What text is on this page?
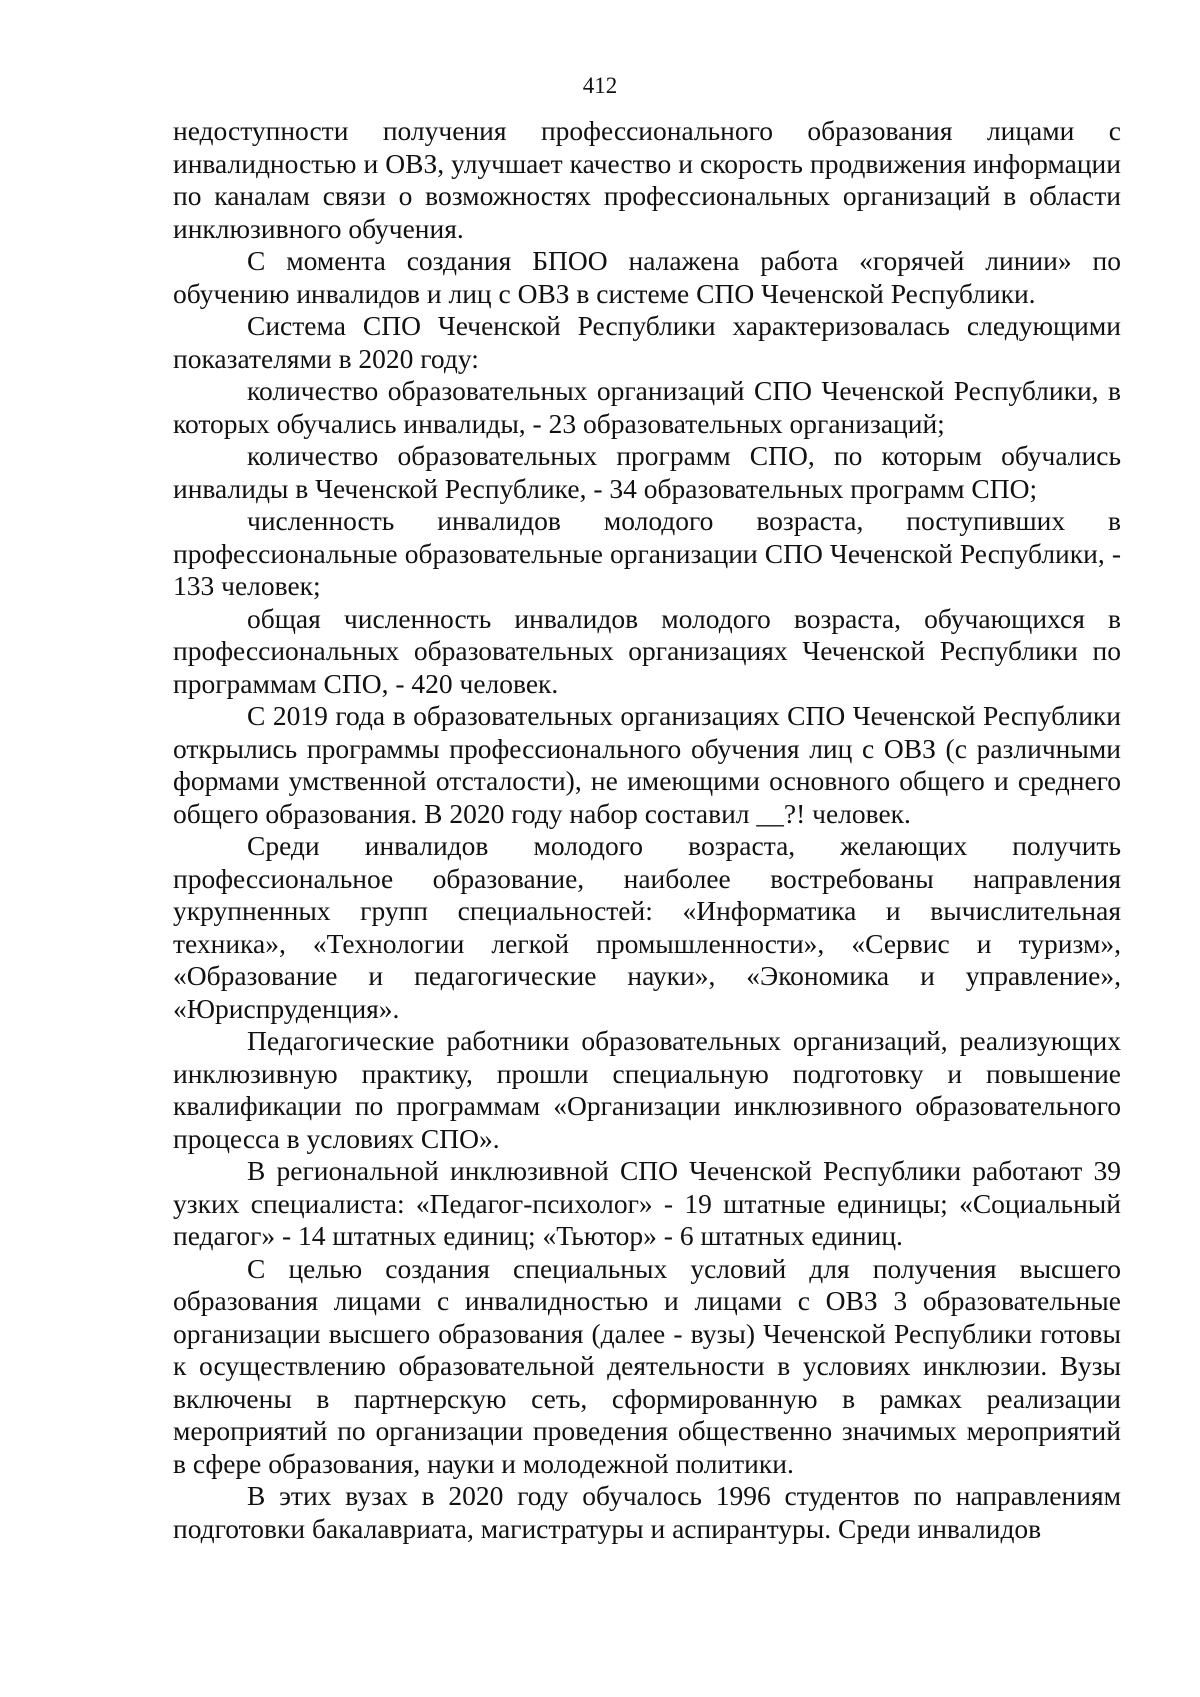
412

недоступности получения профессионального образования лицами с инвалидностью и ОВЗ, улучшает качество и скорость продвижения информации по каналам связи о возможностях профессиональных организаций в области инклюзивного обучения.

С момента создания БПОО налажена работа «горячей линии» по обучению инвалидов и лиц с ОВЗ в системе СПО Чеченской Республики.

Система СПО Чеченской Республики характеризовалась следующими показателями в 2020 году:

количество образовательных организаций СПО Чеченской Республики, в которых обучались инвалиды, - 23 образовательных организаций;

количество образовательных программ СПО, по которым обучались инвалиды в Чеченской Республике, - 34 образовательных программ СПО;

численность инвалидов молодого возраста, поступивших в профессиональные образовательные организации СПО Чеченской Республики, - 133 человек;

общая численность инвалидов молодого возраста, обучающихся в профессиональных образовательных организациях Чеченской Республики по программам СПО, - 420 человек.

С 2019 года в образовательных организациях СПО Чеченской Республики открылись программы профессионального обучения лиц с ОВЗ (с различными формами умственной отсталости), не имеющими основного общего и среднего общего образования. В 2020 году набор составил __?! человек.

Среди инвалидов молодого возраста, желающих получить профессиональное образование, наиболее востребованы направления укрупненных групп специальностей: «Информатика и вычислительная техника», «Технологии легкой промышленности», «Сервис и туризм», «Образование и педагогические науки», «Экономика и управление», «Юриспруденция».

Педагогические работники образовательных организаций, реализующих инклюзивную практику, прошли специальную подготовку и повышение квалификации по программам «Организации инклюзивного образовательного процесса в условиях СПО».

В региональной инклюзивной СПО Чеченской Республики работают 39 узких специалиста: «Педагог-психолог» - 19 штатные единицы; «Социальный педагог» - 14 штатных единиц; «Тьютор» - 6 штатных единиц.

С целью создания специальных условий для получения высшего образования лицами с инвалидностью и лицами с ОВЗ 3 образовательные организации высшего образования (далее - вузы) Чеченской Республики готовы к осуществлению образовательной деятельности в условиях инклюзии. Вузы включены в партнерскую сеть, сформированную в рамках реализации мероприятий по организации проведения общественно значимых мероприятий в сфере образования, науки и молодежной политики.

В этих вузах в 2020 году обучалось 1996 студентов по направлениям подготовки бакалавриата, магистратуры и аспирантуры. Среди инвалидов
